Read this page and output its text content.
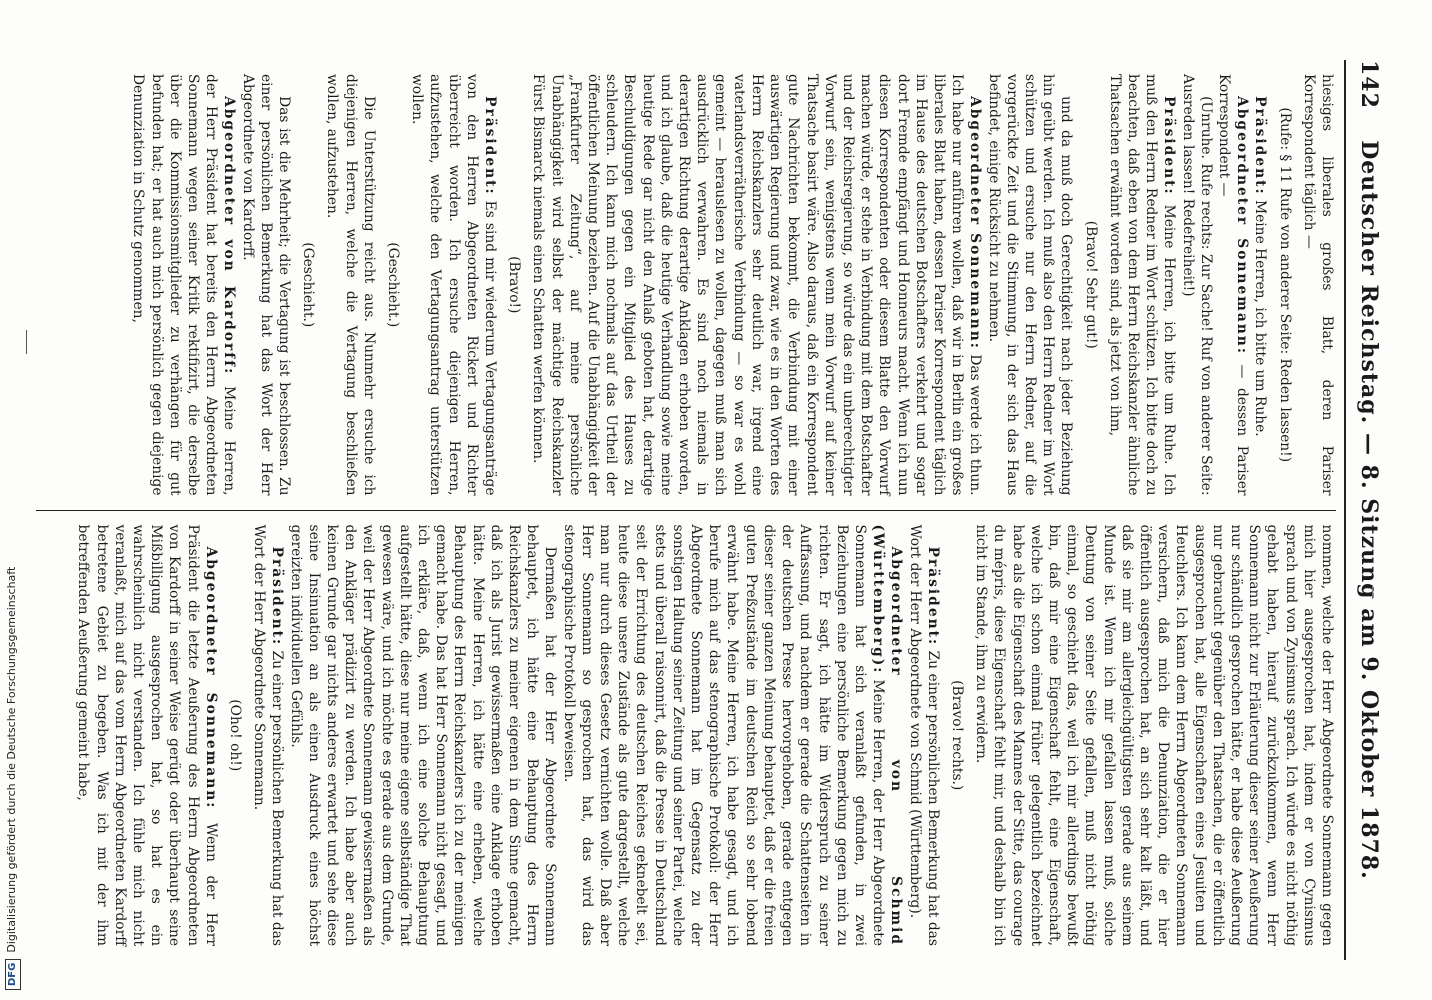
142
Deutscher Reichstag. — 8. Sitzung am 9. Oktober 1878.

hiesiges liberales großes Blatt, deren Pariser Korrespondent täglich —

(Rufe: § 11 Rufe von anderer Seite: Reden lassen!)

Präsident: Meine Herren, ich bitte um Ruhe.

Abgeordneter Sonnemann: — dessen Pariser Korrespondent —

(Unruhe. Rufe rechts: Zur Sache! Ruf von anderer Seite: Ausreden lassen! Redefreiheit!)

Präsident: Meine Herren, ich bitte um Ruhe. Ich muß den Herrn Redner im Wort schützen. Ich bitte doch zu beachten, daß eben von dem Herrn Reichskanzler ähnliche Thatsachen erwähnt worden sind, als jetzt von ihm,

(Bravo! Sehr gut!)

und da muß doch Gerechtigkeit nach jeder Beziehung hin geübt werden. Ich muß also den Herrn Redner im Wort schützen und ersuche nur den Herrn Redner, auf die vorgerückte Zeit und die Stimmung, in der sich das Haus befindet, einige Rücksicht zu nehmen.

Abgeordneter Sonnemann: Das werde ich thun. Ich habe nur anführen wollen, daß wir in Berlin ein großes liberales Blatt haben, dessen Pariser Korrespondent täglich im Hause des deutschen Botschafters verkehrt und sogar dort Fremde empfängt und Honneurs macht. Wenn ich nun diesen Korrespondenten oder diesem Blatte den Vorwurf machen würde, er stehe in Verbindung mit dem Botschafter und der Reichsregierung, so würde das ein unberechtigter Vorwurf sein, wenigstens wenn mein Vorwurf auf keiner Thatsache basirt wäre. Also daraus, daß ein Korrespondent gute Nachrichten bekommt, die Verbindung mit einer auswärtigen Regierung und zwar, wie es in den Worten des Herrn Reichskanzlers sehr deutlich war, irgend eine vaterlandsverrätherische Verbindung — so war es wohl gemeint — herauslesen zu wollen, dagegen muß man sich ausdrücklich verwahren. Es sind noch niemals in derartigen Richtung derartige Anklagen erhoben worden, und ich glaube, daß die heutige Verhandlung sowie meine heutige Rede gar nicht den Anlaß geboten hat, derartige Beschuldigungen gegen ein Mitglied des Hauses zu schleudern. Ich kann mich nochmals auf das Urtheil der öffentlichen Meinung beziehen. Auf die Unabhängigkeit der „Frankfurter Zeitung“, auf meine persönliche Unabhängigkeit wird selbst der mächtige Reichskanzler Fürst Bismarck niemals einen Schatten werfen können.

(Bravo!)

Präsident: Es sind mir wiederum Vertagungsanträge von den Herren Abgeordneten Rickert und Richter überreicht worden. Ich ersuche diejenigen Herren, aufzustehen, welche den Vertagungsantrag unterstützen wollen.

(Geschieht.)

Die Unterstützung reicht aus. Nunmehr ersuche ich diejenigen Herren, welche die Vertagung beschließen wollen, aufzustehen.

(Geschieht.)

Das ist die Mehrheit; die Vertagung ist beschlossen. Zu einer persönlichen Bemerkung hat das Wort der Herr Abgeordnete von Kardorff.

Abgeordneter von Kardorff: Meine Herren, der Herr Präsident hat bereits den Herrn Abgeordneten Sonnemann wegen seiner Kritik rektifizirt, die derselbe über die Kommissionsmitglieder zu verhängen für gut befunden hat; er hat auch mich persönlich gegen diejenige Denunziation in Schutz genommen,

nommen, welche der Herr Abgeordnete Sonnemann gegen mich hier ausgesprochen hat, indem er von Cynismus sprach und von Zynismus sprach. Ich würde es nicht nöthig gehabt haben, hierauf zurückzukommen, wenn Herr Sonnemann nicht zur Erläuterung dieser seiner Aeußerung nur schändlich gesprochen hätte, er habe diese Aeußerung nur gebraucht gegenüber den Thatsachen, die er öffentlich ausgesprochen hat, alle Eigenschaften eines Jesuiten und Heuchlers. Ich kann dem Herrn Abgeordneten Sonnemann versichern, daß mich die Denunziation, die er hier öffentlich ausgesprochen hat, an sich sehr kalt läßt, und daß sie mir am allergleichgültigsten gerade aus seinem Munde ist. Wenn ich mir gefallen lassen muß, solche Deutung von seiner Seite gefallen, muß nicht nöthig einmal, so geschieht das, weil ich mir allerdings bewußt bin, daß mir eine Eigenschaft fehlt, eine Eigenschaft, welche ich schon einmal früher gelegentlich bezeichnet habe als die Eigenschaft des Mannes der Sitte, das courage du mépris, diese Eigenschaft fehlt mir, und deshalb bin ich nicht im Stande, ihm zu erwidern.

(Bravo! rechts.)

Präsident: Zu einer persönlichen Bemerkung hat das Wort der Herr Abgeordnete von Schmid (Württemberg).

Abgeordneter von Schmid (Württemberg): Meine Herren, der Herr Abgeordnete Sonnemann hat sich veranlaßt gefunden, in zwei Beziehungen eine persönliche Bemerkung gegen mich zu richten. Er sagt, ich hätte im Widerspruch zu seiner Auffassung, und nachdem er gerade die Schattenseiten in der deutschen Presse hervorgehoben, gerade entgegen dieser seiner ganzen Meinung behauptet, daß er die freien guten Preßzustände im deutschen Reich so sehr lobend erwähnt habe. Meine Herren, ich habe gesagt, und ich berufe mich auf das stenographische Protokoll: der Herr Abgeordnete Sonnemann hat im Gegensatz zu der sonstigen Haltung seiner Zeitung und seiner Partei, welche stets und überall raisonnirt, daß die Presse in Deutschland seit der Errichtung des deutschen Reiches geknebelt sei, heute diese unsere Zustände als gute dargestellt, welche man nur durch dieses Gesetz vernichten wolle. Daß aber Herr Sonnemann so gesprochen hat, das wird das stenographische Protokoll beweisen.

Dermaßen hat der Herr Abgeordnete Sonnemann behauptet, ich hätte eine Behauptung des Herrn Reichskanzlers zu meiner eigenen in dem Sinne gemacht, daß ich als Jurist gewissermaßen eine Anklage erhoben hätte. Meine Herren, ich hätte eine erheben, welche Behauptung des Herrn Reichskanzlers ich zu der meinigen gemacht habe. Das hat Herr Sonnemann nicht gesagt, und ich erkläre, daß, wenn ich eine solche Behauptung aufgestellt hätte, diese nur meine eigene selbständige That gewesen wäre, und ich möchte es gerade aus dem Grunde, weil der Herr Abgeordnete Sonnemann gewissermaßen als den Ankläger prädizirt zu werden. Ich habe aber auch keinen Grunde gar nichts anderes erwartet und sehe diese seine Insinuation an als einen Ausdruck eines höchst gereizten individuellen Gefühls.

Präsident: Zu einer persönlichen Bemerkung hat das Wort der Herr Abgeordnete Sonnemann.

(Oho! oh!)

Abgeordneter Sonnemann: Wenn der Herr Präsident die letzte Aeußerung des Herrn Abgeordneten von Kardorff in seiner Weise gerügt oder überhaupt seine Mißbilligung ausgesprochen hat, so hat es ein wahrscheinlich nicht verstanden. Ich fühle mich nicht veranlaßt, mich auf das vom Herrn Abgeordneten Kardorff betretene Gebiet zu begeben. Was ich mit der ihm betreffenden Aeußerung gemeint habe,

DFGDigitalisierung gefördert durch die Deutsche Forschungsgemeinschaft
